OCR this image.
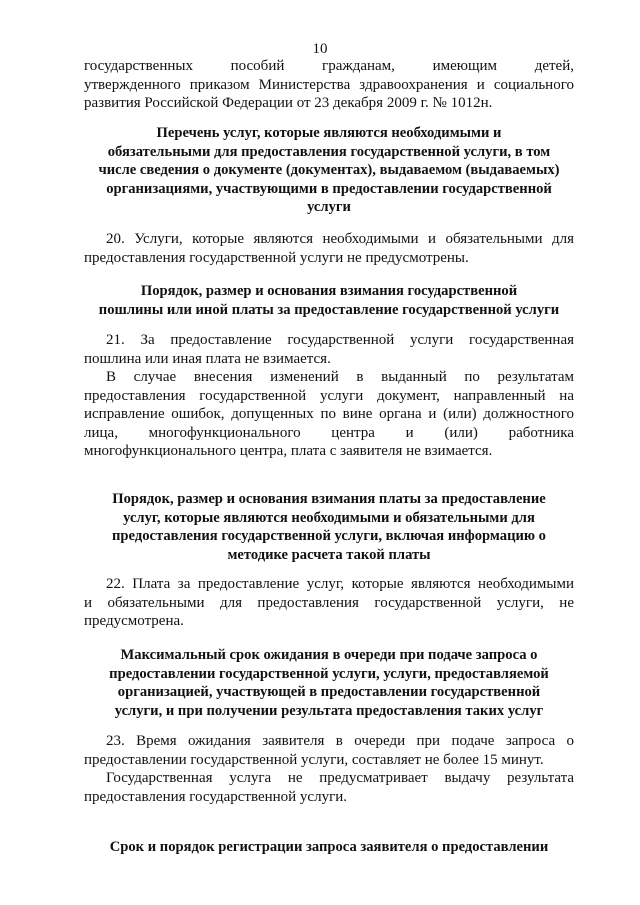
10
государственных пособий гражданам, имеющим детей,
утвержденного приказом Министерства здравоохранения и социального
развития Российской Федерации от 23 декабря 2009 г. № 1012н.
Перечень услуг, которые являются необходимыми и
обязательными для предоставления государственной услуги, в том
числе сведения о документе (документах), выдаваемом (выдаваемых)
организациями, участвующими в предоставлении государственной
услуги
20. Услуги, которые являются необходимыми и обязательными для
предоставления государственной услуги не предусмотрены.
Порядок, размер и основания взимания государственной
пошлины или иной платы за предоставление государственной услуги
21. За предоставление государственной услуги государственная
пошлина или иная плата не взимается.
В случае внесения изменений в выданный по результатам
предоставления государственной услуги документ, направленный на
исправление ошибок, допущенных по вине органа и (или) должностного
лица, многофункционального центра и (или) работника
многофункционального центра, плата с заявителя не взимается.
Порядок, размер и основания взимания платы за предоставление
услуг, которые являются необходимыми и обязательными для
предоставления государственной услуги, включая информацию о
методике расчета такой платы
22. Плата за предоставление услуг, которые являются необходимыми
и обязательными для предоставления государственной услуги, не
предусмотрена.
Максимальный срок ожидания в очереди при подаче запроса о
предоставлении государственной услуги, услуги, предоставляемой
организацией, участвующей в предоставлении государственной
услуги, и при получении результата предоставления таких услуг
23. Время ожидания заявителя в очереди при подаче запроса о
предоставлении государственной услуги, составляет не более 15 минут.
Государственная услуга не предусматривает выдачу результата
предоставления государственной услуги.
Срок и порядок регистрации запроса заявителя о предоставлении
